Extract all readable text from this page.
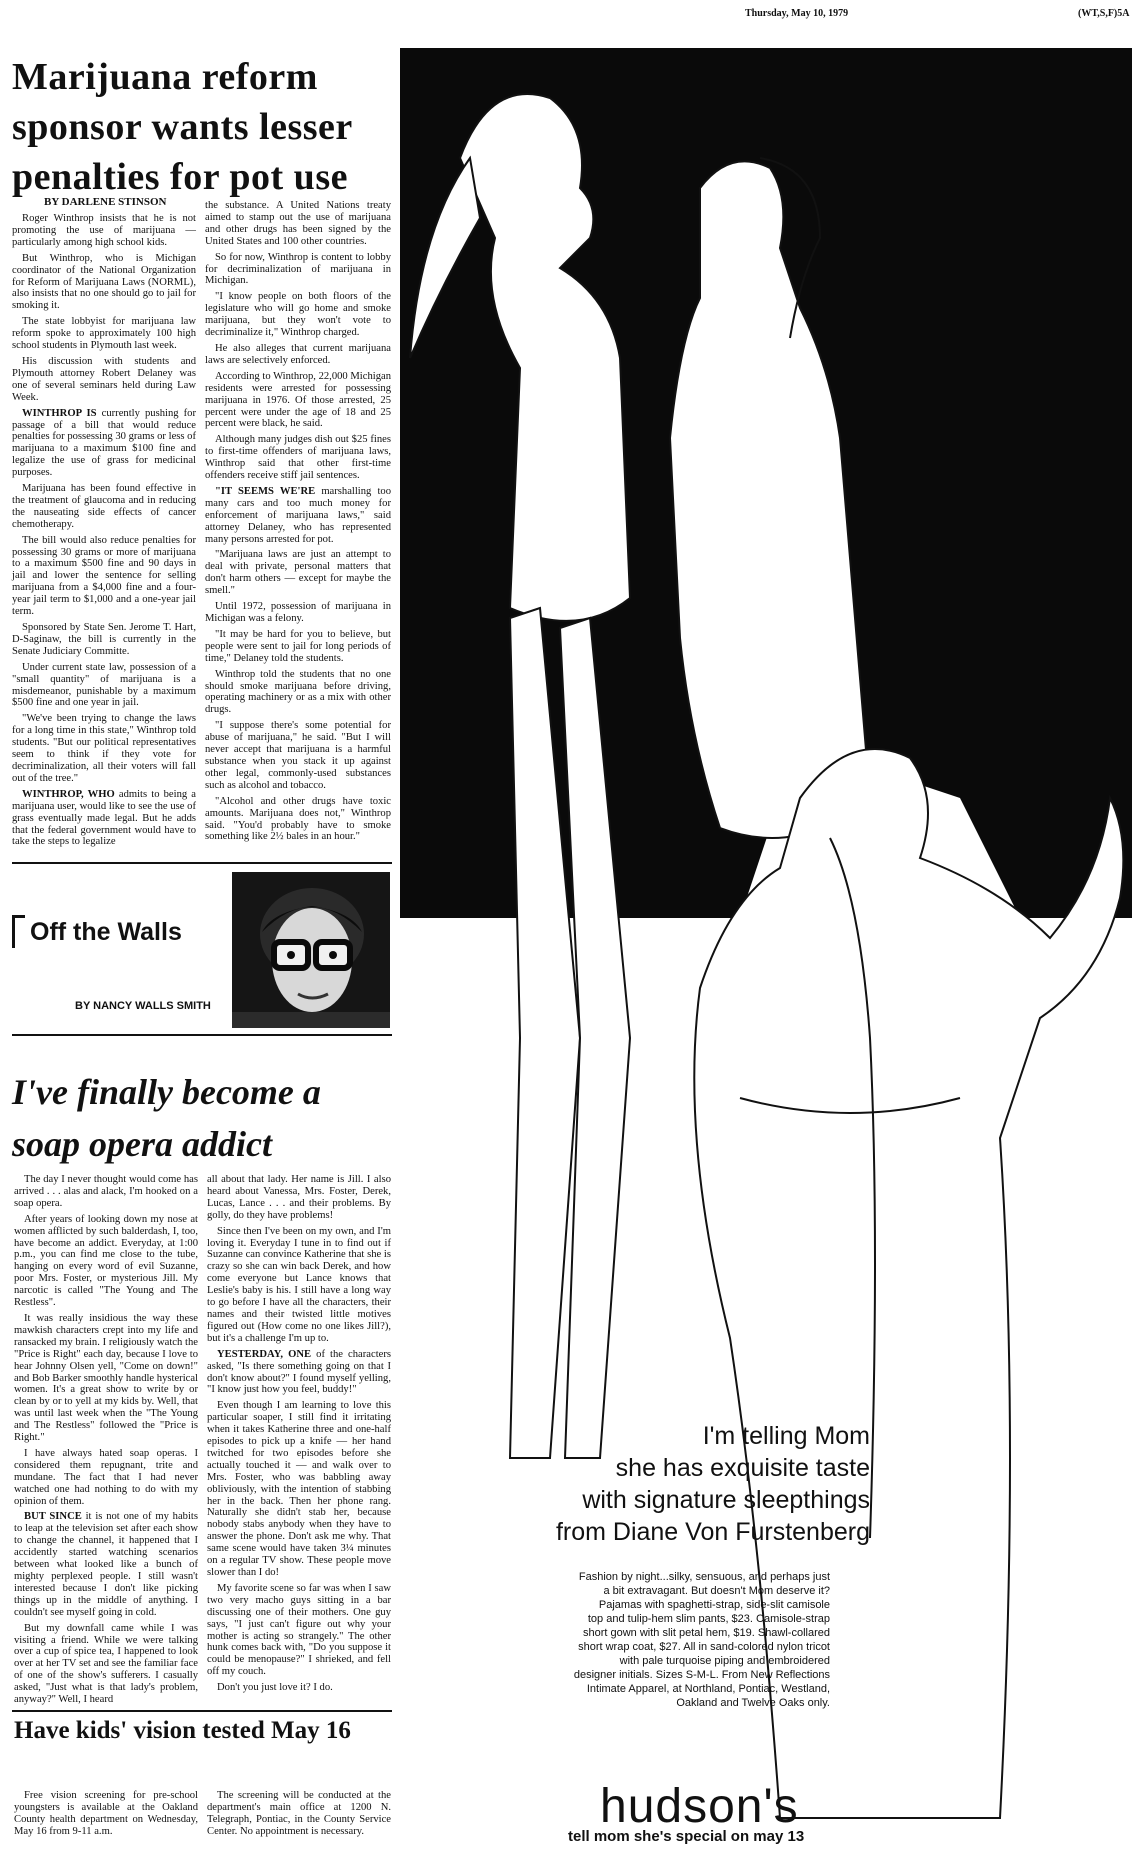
Thursday, May 10, 1979	(WT,S,F)5A
Marijuana reform sponsor wants lesser penalties for pot use
BY DARLENE STINSON

Roger Winthrop insists that he is not promoting the use of marijuana — particularly among high school kids.

But Winthrop, who is Michigan coordinator of the National Organization for Reform of Marijuana Laws (NORML), also insists that no one should go to jail for smoking it.

The state lobbyist for marijuana law reform spoke to approximately 100 high school students in Plymouth last week.

His discussion with students and Plymouth attorney Robert Delaney was one of several seminars held during Law Week.

WINTHROP IS currently pushing for passage of a bill that would reduce penalties for possessing 30 grams or less of marijuana to a maximum $100 fine and legalize the use of grass for medicinal purposes.

Marijuana has been found effective in the treatment of glaucoma and in reducing the nauseating side effects of cancer chemotherapy.

The bill would also reduce penalties for possessing 30 grams or more of marijuana to a maximum $500 fine and 90 days in jail and lower the sentence for selling marijuana from a $4,000 fine and a four-year jail term to $1,000 and a one-year jail term.

Sponsored by State Sen. Jerome T. Hart, D-Saginaw, the bill is currently in the Senate Judiciary Committe.

Under current state law, possession of a "small quantity" of marijuana is a misdemeanor, punishable by a maximum $500 fine and one year in jail.

"We've been trying to change the laws for a long time in this state," Winthrop told students. "But our political representatives seem to think if they vote for decriminalization, all their voters will fall out of the tree."

WINTHROP, WHO admits to being a marijuana user, would like to see the use of grass eventually made legal. But he adds that the federal government would have to take the steps to legalize

the substance. A United Nations treaty aimed to stamp out the use of marijuana and other drugs has been signed by the United States and 100 other countries.

So for now, Winthrop is content to lobby for decriminalization of marijuana in Michigan.

"I know people on both floors of the legislature who will go home and smoke marijuana, but they won't vote to decriminalize it," Winthrop charged.

He also alleges that current marijuana laws are selectively enforced.

According to Winthrop, 22,000 Michigan residents were arrested for possessing marijuana in 1976. Of those arrested, 25 percent were under the age of 18 and 25 percent were black, he said.

Although many judges dish out $25 fines to first-time offenders of marijuana laws, Winthrop said that other first-time offenders receive stiff jail sentences.

"IT SEEMS WE'RE marshalling too many cars and too much money for enforcement of marijuana laws," said attorney Delaney, who has represented many persons arrested for pot.

"Marijuana laws are just an attempt to deal with private, personal matters that don't harm others — except for maybe the smell."

Until 1972, possession of marijuana in Michigan was a felony.

"It may be hard for you to believe, but people were sent to jail for long periods of time," Delaney told the students.

Winthrop told the students that no one should smoke marijuana before driving, operating machinery or as a mix with other drugs.

"I suppose there's some potential for abuse of marijuana," he said. "But I will never accept that marijuana is a harmful substance when you stack it up against other legal, commonly-used substances such as alcohol and tobacco.

"Alcohol and other drugs have toxic amounts. Marijuana does not," Winthrop said. "You'd probably have to smoke something like 2½ bales in an hour."

Off the Walls
BY NANCY WALLS SMITH
I've finally become a soap opera addict

The day I never thought would come has arrived . . . alas and alack, I'm hooked on a soap opera.

After years of looking down my nose at women afflicted by such balderdash, I, too, have become an addict. Everyday, at 1:00 p.m., you can find me close to the tube, hanging on every word of evil Suzanne, poor Mrs. Foster, or mysterious Jill. My narcotic is called "The Young and The Restless".

It was really insidious the way these mawkish characters crept into my life and ransacked my brain. I religiously watch the "Price is Right" each day, because I love to hear Johnny Olsen yell, "Come on down!" and Bob Barker smoothly handle hysterical women. It's a great show to write by or clean by or to yell at my kids by. Well, that was until last week when the "The Young and The Restless" followed the "Price is Right."

I have always hated soap operas. I considered them repugnant, trite and mundane. The fact that I had never watched one had nothing to do with my opinion of them.

BUT SINCE it is not one of my habits to leap at the television set after each show to change the channel, it happened that I accidently started watching scenarios between what looked like a bunch of mighty perplexed people. I still wasn't interested because I don't like picking things up in the middle of anything. I couldn't see myself going in cold.

But my downfall came while I was visiting a friend. While we were talking over a cup of spice tea, I happened to look over at her TV set and see the familiar face of one of the show's sufferers. I casually asked, "Just what is that lady's problem, anyway?" Well, I heard

all about that lady. Her name is Jill. I also heard about Vanessa, Mrs. Foster, Derek, Lucas, Lance . . . and their problems. By golly, do they have problems!

Since then I've been on my own, and I'm loving it. Everyday I tune in to find out if Suzanne can convince Katherine that she is crazy so she can win back Derek, and how come everyone but Lance knows that Leslie's baby is his. I still have a long way to go before I have all the characters, their names and their twisted little motives figured out (How come no one likes Jill?), but it's a challenge I'm up to.

YESTERDAY, ONE of the characters asked, "Is there something going on that I don't know about?" I found myself yelling, "I know just how you feel, buddy!"

Even though I am learning to love this particular soaper, I still find it irritating when it takes Katherine three and one-half episodes to pick up a knife — her hand twitched for two episodes before she actually touched it — and walk over to Mrs. Foster, who was babbling away obliviously, with the intention of stabbing her in the back. Then her phone rang. Naturally she didn't stab her, because nobody stabs anybody when they have to answer the phone. Don't ask me why. That same scene would have taken 3¼ minutes on a regular TV show. These people move slower than I do!

My favorite scene so far was when I saw two very macho guys sitting in a bar discussing one of their mothers. One guy says, "I just can't figure out why your mother is acting so strangely." The other hunk comes back with, "Do you suppose it could be menopause?" I shrieked, and fell off my couch.

Don't you just love it? I do.

Have kids' vision tested May 16

Free vision screening for pre-school youngsters is available at the Oakland County health department on Wednesday, May 16 from 9-11 a.m.

The screening will be conducted at the department's main office at 1200 N. Telegraph, Pontiac, in the County Service Center. No appointment is necessary.

I'm telling Mom
she has exquisite taste
with signature sleepthings
from Diane Von Furstenberg
Fashion by night...silky, sensuous, and perhaps just
a bit extravagant. But doesn't Mom deserve it?
Pajamas with spaghetti-strap, side-slit camisole
top and tulip-hem slim pants, $23. Camisole-strap
short gown with slit petal hem, $19. Shawl-collared
short wrap coat, $27. All in sand-colored nylon tricot
with pale turquoise piping and embroidered
designer initials. Sizes S-M-L. From New Reflections
Intimate Apparel, at Northland, Pontiac, Westland,
Oakland and Twelve Oaks only.
hudson's
tell mom she's special on may 13
